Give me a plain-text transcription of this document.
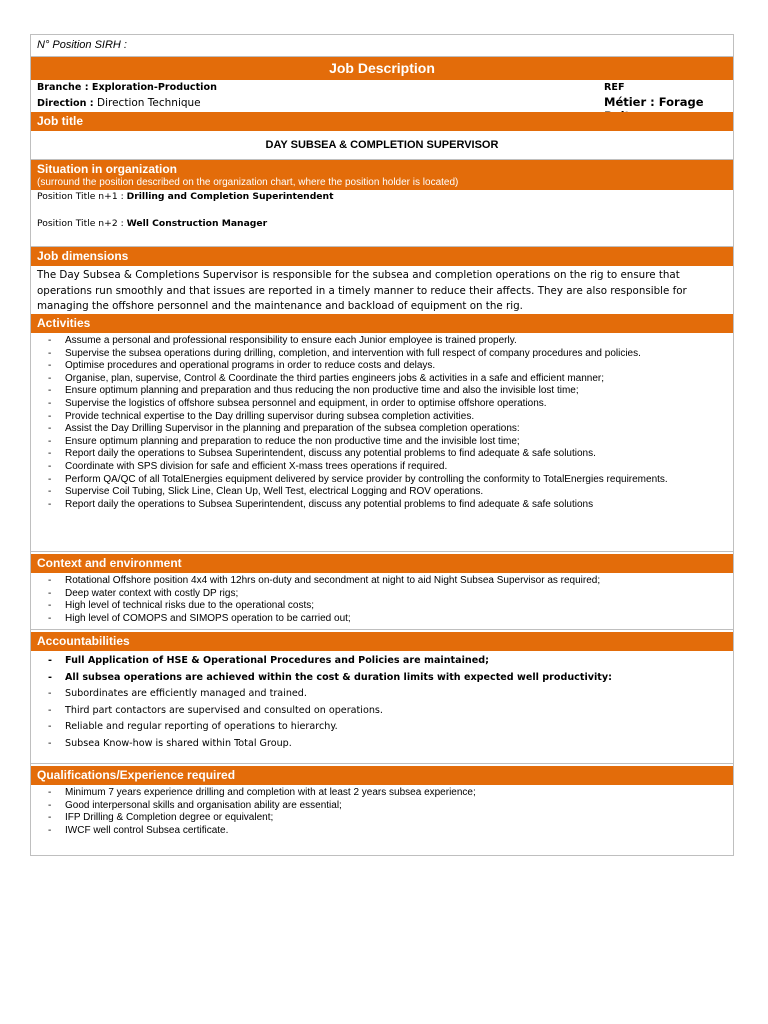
N° Position SIRH :
Job Description
Branche : Exploration-Production
Direction : Direction Technique
REF
Métier : Forage
Job title
DAY SUBSEA & COMPLETION SUPERVISOR
Situation in organization
(surround the position described on the organization chart, where the position holder is located)
Position Title n+1 : Drilling and Completion Superintendent
Position Title n+2 : Well Construction Manager
Job dimensions
The Day Subsea & Completions Supervisor is responsible for the subsea and completion operations on the rig to ensure that operations run smoothly and that issues are reported in a timely manner to reduce their affects. They are also responsible for managing the offshore personnel and the maintenance and backload of equipment on the rig.
Activities
- Assume a personal and professional responsibility to ensure each Junior employee is trained properly.
- Supervise the subsea operations during drilling, completion, and intervention with full respect of company procedures and policies.
- Optimise procedures and operational programs in order to reduce costs and delays.
- Organise, plan, supervise, Control & Coordinate the third parties engineers jobs & activities in a safe and efficient manner;
- Ensure optimum planning and preparation and thus reducing the non productive time and also the invisible lost time;
- Supervise the logistics of offshore subsea personnel and equipment, in order to optimise offshore operations.
- Provide technical expertise to the Day drilling supervisor during subsea completion activities.
- Assist the Day Drilling Supervisor in the planning and preparation of the subsea completion operations:
- Ensure optimum planning and preparation to reduce the non productive time and the invisible lost time;
- Report daily the operations to Subsea Superintendent, discuss any potential problems to find adequate & safe solutions.
- Coordinate with SPS division for safe and efficient X-mass trees operations if required.
- Perform QA/QC of all TotalEnergies equipment delivered by service provider by controlling the conformity to TotalEnergies requirements.
- Supervise Coil Tubing, Slick Line, Clean Up, Well Test, electrical Logging and ROV operations.
- Report daily the operations to Subsea Superintendent, discuss any potential problems to find adequate & safe solutions
Context and environment
- Rotational Offshore position 4x4 with 12hrs on-duty and secondment at night to aid Night Subsea Supervisor as required;
- Deep water context with costly DP rigs;
- High level of technical risks due to the operational costs;
- High level of COMOPS and SIMOPS operation to be carried out;
Accountabilities
- Full Application of HSE & Operational Procedures and Policies are maintained;
- All subsea operations are achieved within the cost & duration limits with expected well productivity:
- Subordinates are efficiently managed and trained.
- Third part contactors are supervised and consulted on operations.
- Reliable and regular reporting of operations to hierarchy.
- Subsea Know-how is shared within Total Group.
Qualifications/Experience required
- Minimum 7 years experience drilling and completion with at least 2 years subsea experience;
- Good interpersonal skills and organisation ability are essential;
- IFP Drilling & Completion degree or equivalent;
- IWCF well control Subsea certificate.
